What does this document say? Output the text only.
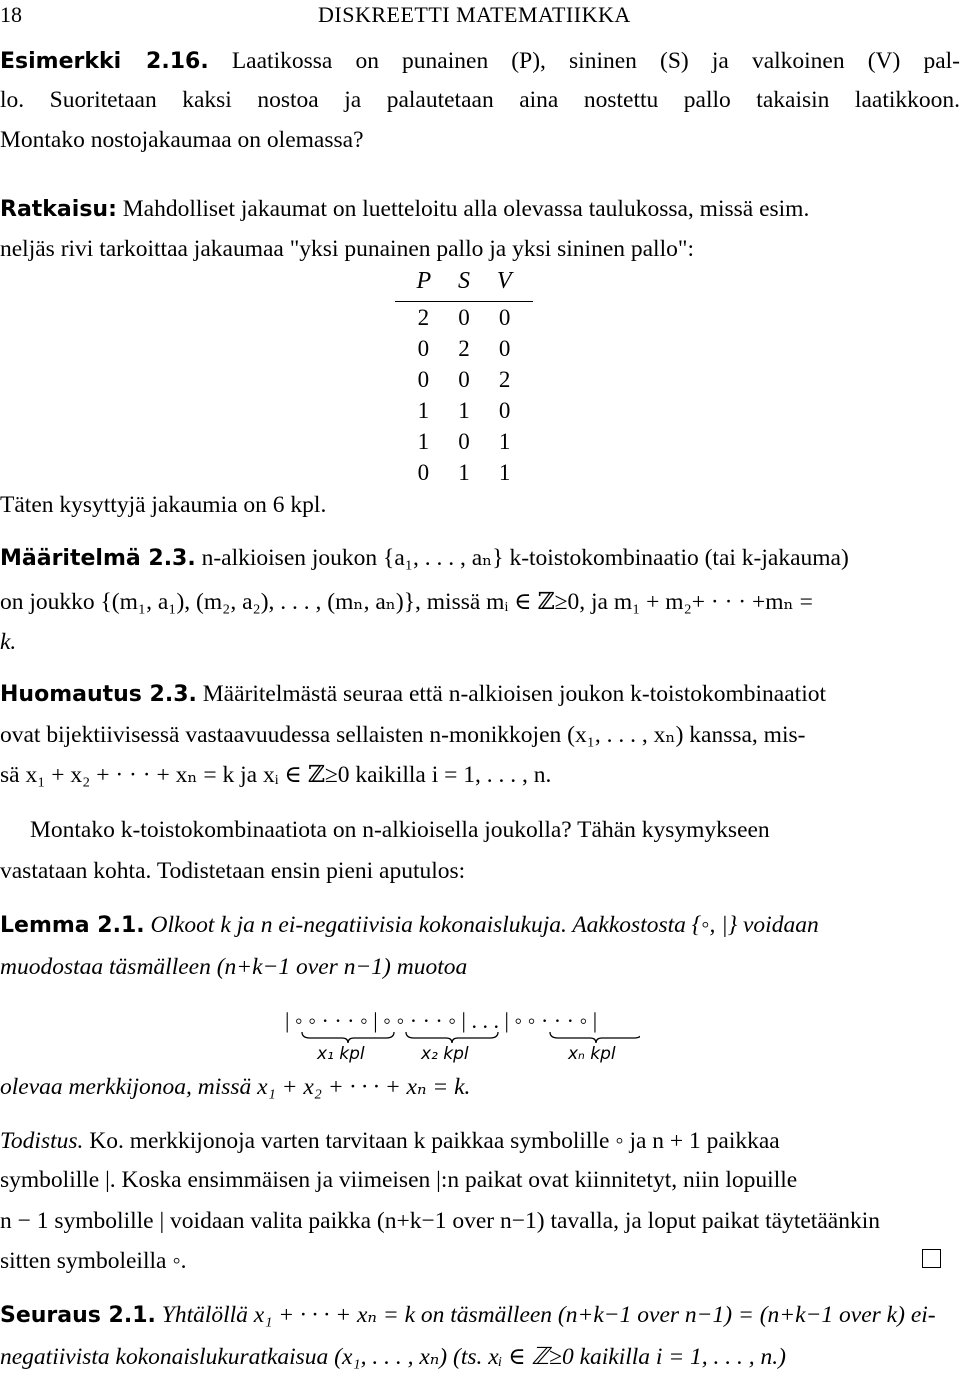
18	DISKREETTI MATEMATIIKKA
Esimerkki 2.16. Laatikossa on punainen (P), sininen (S) ja valkoinen (V) pal-
lo. Suoritetaan kaksi nostoa ja palautetaan aina nostettu pallo takaisin laatikkoon.
Montako nostojakaumaa on olemassa?
Ratkaisu: Mahdolliset jakaumat on luetteloitu alla olevassa taulukossa, missä esim.
neljäs rivi tarkoittaa jakaumaa "yksi punainen pallo ja yksi sininen pallo":
P S V
2 0 0
0 2 0
0 0 2
1 1 0
1 0 1
0 1 1
Täten kysyttyjä jakaumia on 6 kpl.
Määritelmä 2.3. n-alkioisen joukon {a₁, . . . , aₙ} k-toistokombinaatio (tai k-jakauma)
on joukko {(m₁, a₁), (m₂, a₂), . . . , (mₙ, aₙ)}, missä mᵢ ∈ ℤ≥0, ja m₁ + m₂+ · · · +mₙ =
k.
Huomautus 2.3. Määritelmästä seuraa että n-alkioisen joukon k-toistokombinaatiot
ovat bijektiivisessä vastaavuudessa sellaisten n-monikkojen (x₁, . . . , xₙ) kanssa, mis-
sä x₁ + x₂ + · · · + xₙ = k ja xᵢ ∈ ℤ≥0 kaikilla i = 1, . . . , n.
Montako k-toistokombinaatiota on n-alkioisella joukolla? Tähän kysymykseen
vastataan kohta. Todistetaan ensin pieni aputulos:
Lemma 2.1. Olkoot k ja n ei-negatiivisia kokonaislukuja. Aakkostosta {◦, |} voidaan
muodostaa täsmälleen (n+k−1 over n−1) muotoa
| ◦ ◦ · · · ◦ | ◦ ◦ · · · ◦ | . . . | ◦ ◦ · · · ◦ |
x₁ kpl	x₂ kpl	xₙ kpl
olevaa merkkijonoa, missä x₁ + x₂ + · · · + xₙ = k.
Todistus. Ko. merkkijonoja varten tarvitaan k paikkaa symbolille ◦ ja n + 1 paikkaa
symbolille |. Koska ensimmäisen ja viimeisen |:n paikat ovat kiinnitetyt, niin lopuille
n − 1 symbolille | voidaan valita paikka (n+k−1 over n−1) tavalla, ja loput paikat täytetäänkin
sitten symboleilla ◦.
Seuraus 2.1. Yhtälöllä x₁ + · · · + xₙ = k on täsmälleen (n+k−1 over n−1) = (n+k−1 over k) ei-
negatiivista kokonaislukuratkaisua (x₁, . . . , xₙ) (ts. xᵢ ∈ ℤ≥0 kaikilla i = 1, . . . , n.)
